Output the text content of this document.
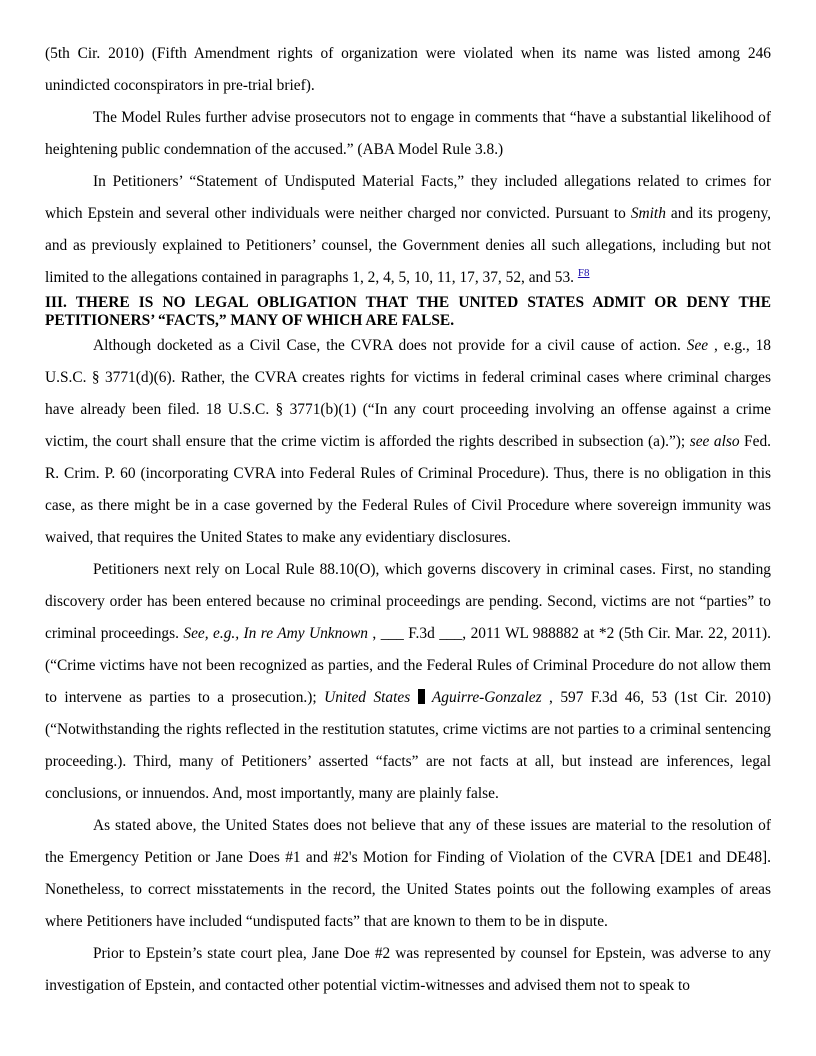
(5th Cir. 2010) (Fifth Amendment rights of organization were violated when its name was listed among 246 unindicted coconspirators in pre-trial brief).

The Model Rules further advise prosecutors not to engage in comments that “have a substantial likelihood of heightening public condemnation of the accused.” (ABA Model Rule 3.8.)

In Petitioners’ “Statement of Undisputed Material Facts,” they included allegations related to crimes for which Epstein and several other individuals were neither charged nor convicted. Pursuant to Smith and its progeny, and as previously explained to Petitioners’ counsel, the Government denies all such allegations, including but not limited to the allegations contained in paragraphs 1, 2, 4, 5, 10, 11, 17, 37, 52, and 53. $^{F8}$

III. THERE IS NO LEGAL OBLIGATION THAT THE UNITED STATES ADMIT OR DENY THE PETITIONERS’ “FACTS,” MANY OF WHICH ARE FALSE.

Although docketed as a Civil Case, the CVRA does not provide for a civil cause of action. See , e.g., 18 U.S.C. § 3771(d)(6). Rather, the CVRA creates rights for victims in federal criminal cases where criminal charges have already been filed. 18 U.S.C. § 3771(b)(1) (“In any court proceeding involving an offense against a crime victim, the court shall ensure that the crime victim is afforded the rights described in subsection (a).”); see also Fed. R. Crim. P. 60 (incorporating CVRA into Federal Rules of Criminal Procedure). Thus, there is no obligation in this case, as there might be in a case governed by the Federal Rules of Civil Procedure where sovereign immunity was waived, that requires the United States to make any evidentiary disclosures.

Petitioners next rely on Local Rule 88.10(O), which governs discovery in criminal cases. First, no standing discovery order has been entered because no criminal proceedings are pending. Second, victims are not “parties” to criminal proceedings. See, e.g., In re Amy Unknown , ___ F.3d ___, 2011 WL 988882 at *2 (5th Cir. Mar. 22, 2011). (“Crime victims have not been recognized as parties, and the Federal Rules of Criminal Procedure do not allow them to intervene as parties to a prosecution.); United States  Aguirre-Gonzalez , 597 F.3d 46, 53 (1st Cir. 2010) (“Notwithstanding the rights reflected in the restitution statutes, crime victims are not parties to a criminal sentencing proceeding.). Third, many of Petitioners’ asserted “facts” are not facts at all, but instead are inferences, legal conclusions, or innuendos. And, most importantly, many are plainly false.

As stated above, the United States does not believe that any of these issues are material to the resolution of the Emergency Petition or Jane Does #1 and #2's Motion for Finding of Violation of the CVRA [DE1 and DE48]. Nonetheless, to correct misstatements in the record, the United States points out the following examples of areas where Petitioners have included “undisputed facts” that are known to them to be in dispute.

Prior to Epstein’s state court plea, Jane Doe #2 was represented by counsel for Epstein, was adverse to any investigation of Epstein, and contacted other potential victim-witnesses and advised them not to speak to
